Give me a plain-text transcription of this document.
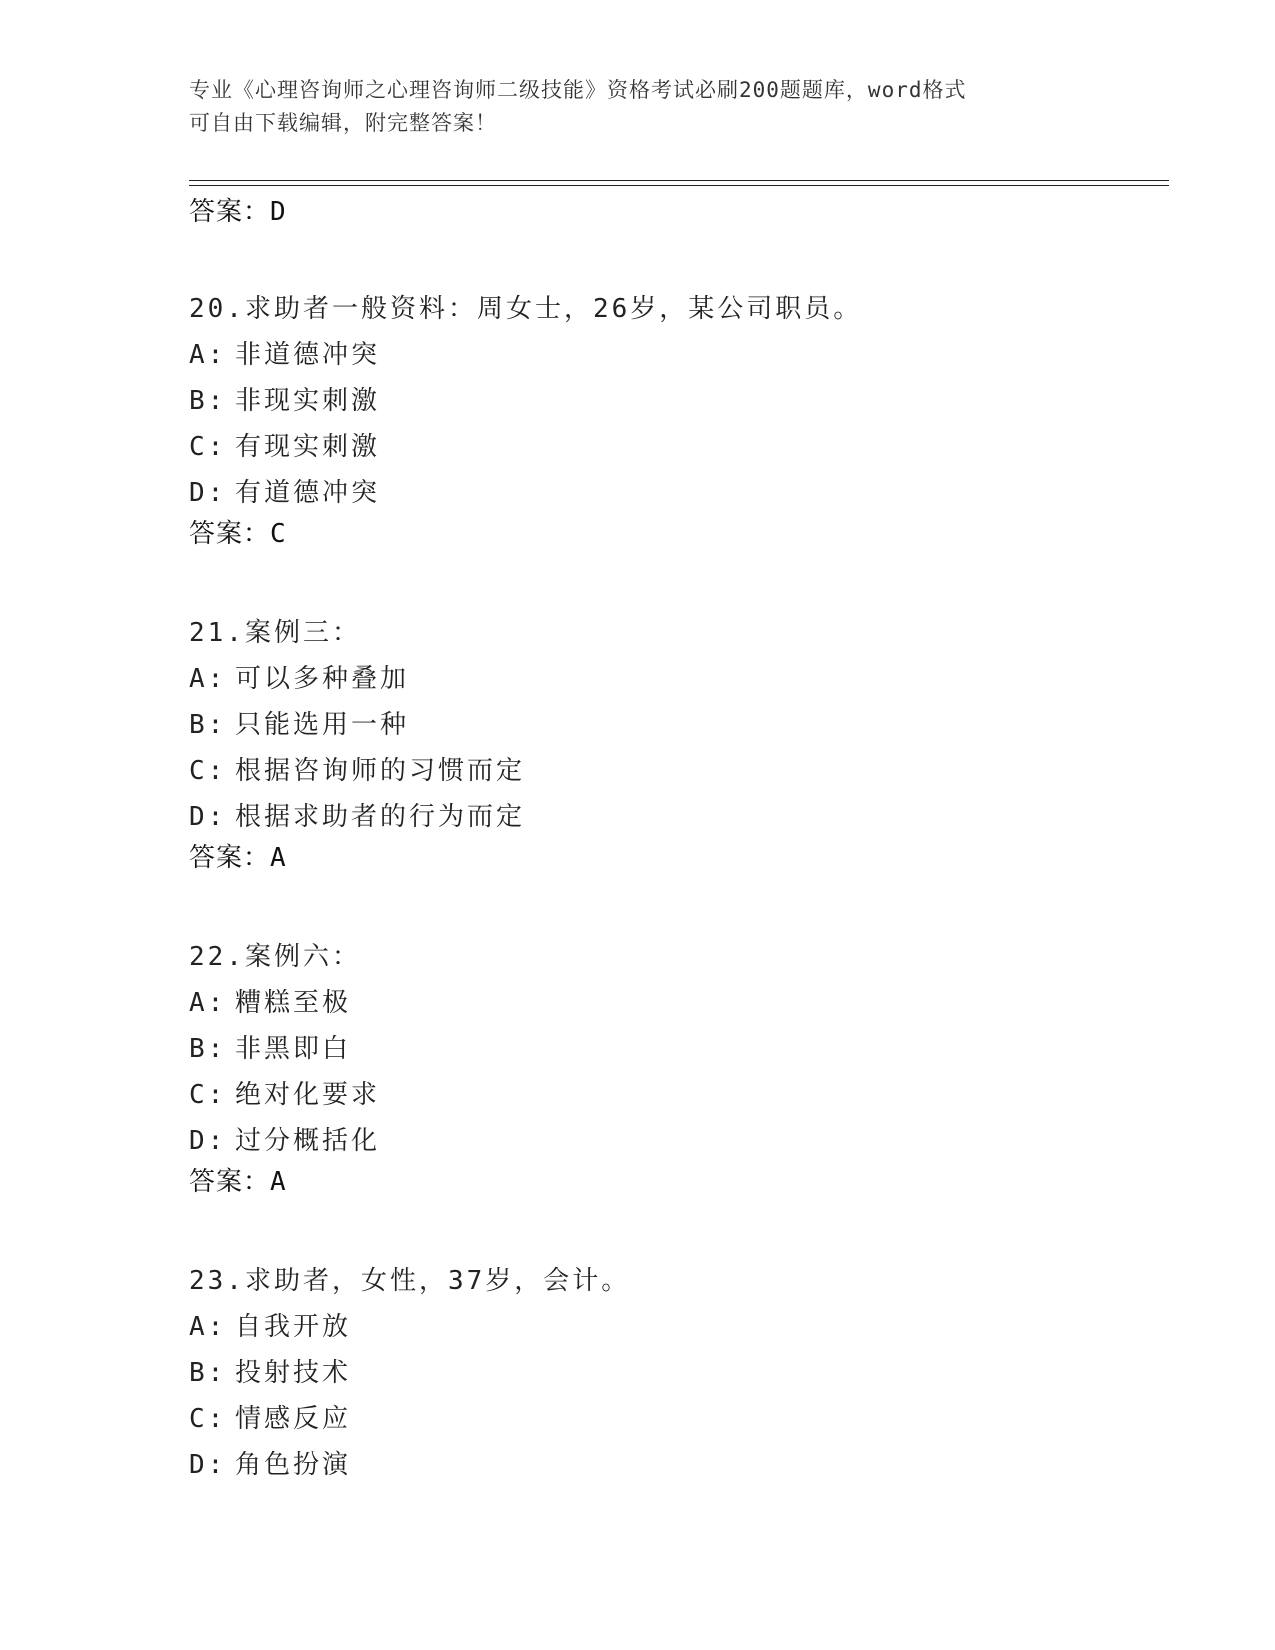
专业《心理咨询师之心理咨询师二级技能》资格考试必刷200题题库，word格式
可自由下载编辑，附完整答案！
答案：D
20.求助者一般资料：周女士，26岁，某公司职员。
A: 非道德冲突
B: 非现实刺激
C: 有现实刺激
D: 有道德冲突
答案：C
21.案例三：
A: 可以多种叠加
B: 只能选用一种
C: 根据咨询师的习惯而定
D: 根据求助者的行为而定
答案：A
22.案例六：
A: 糟糕至极
B: 非黑即白
C: 绝对化要求
D: 过分概括化
答案：A
23.求助者，女性，37岁，会计。
A: 自我开放
B: 投射技术
C: 情感反应
D: 角色扮演
